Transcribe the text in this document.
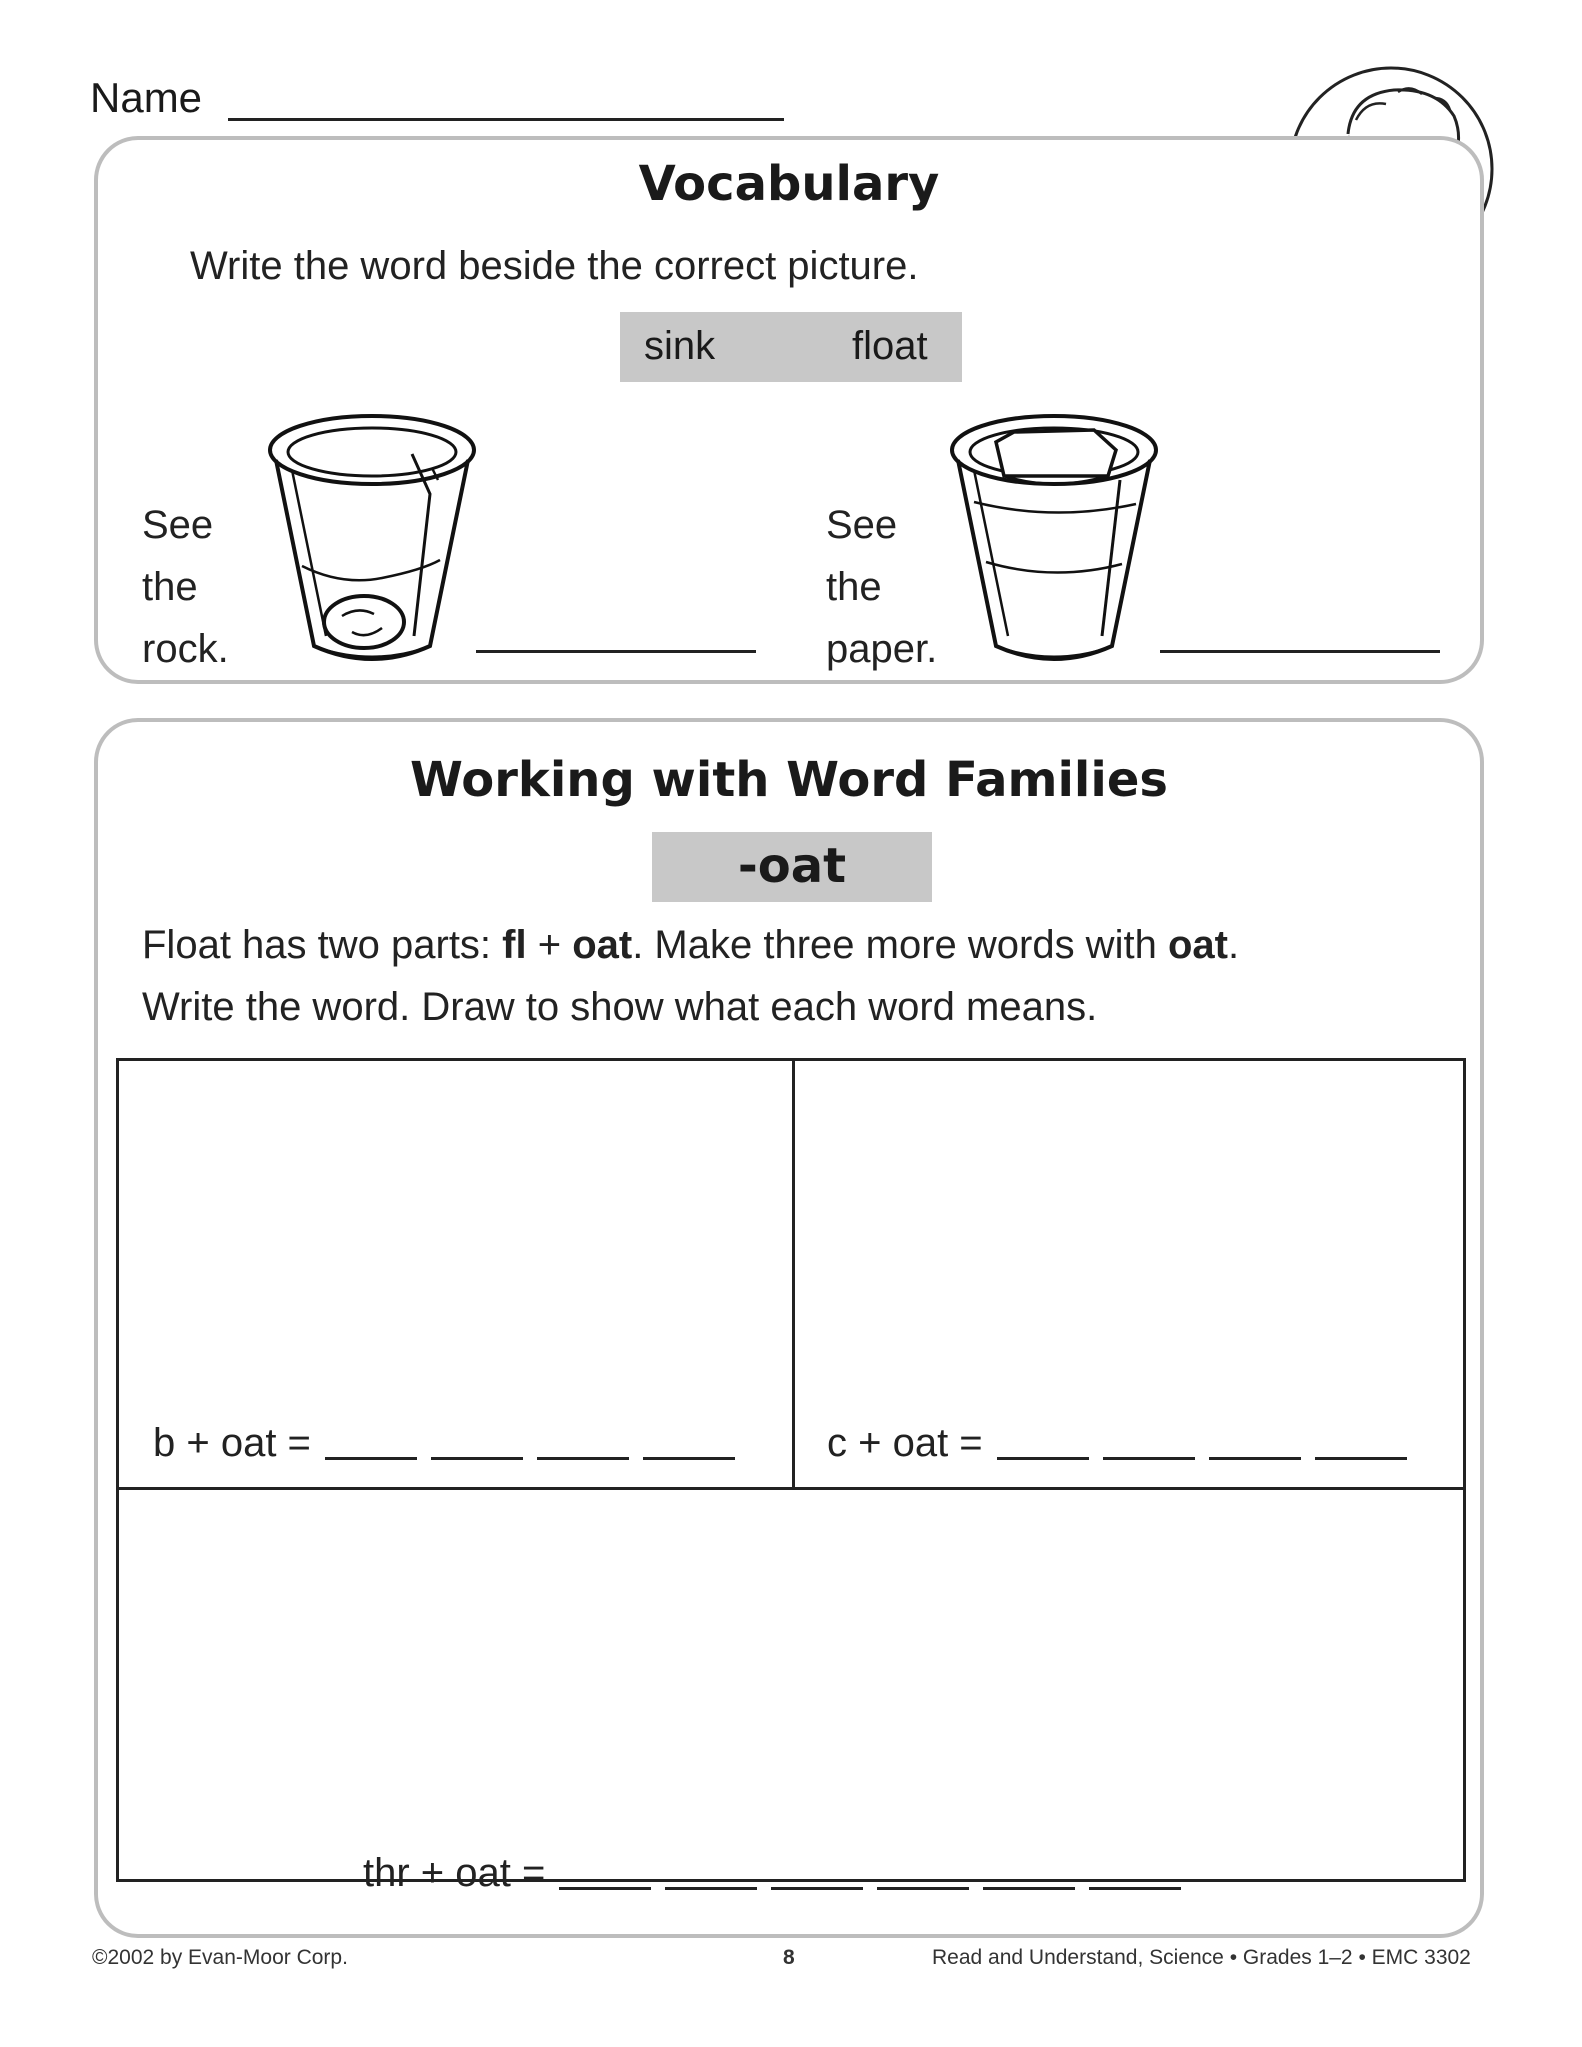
Name
Vocabulary
Write the word beside the correct picture.
sink	float
See
the
rock.
See
the
paper.
Working with Word Families
-oat
Float has two parts: fl + oat. Make three more words with oat.
Write the word. Draw to show what each word means.
b + oat =	c + oat =
thr + oat =
©2002 by Evan-Moor Corp.	8	Read and Understand, Science • Grades 1–2 • EMC 3302
